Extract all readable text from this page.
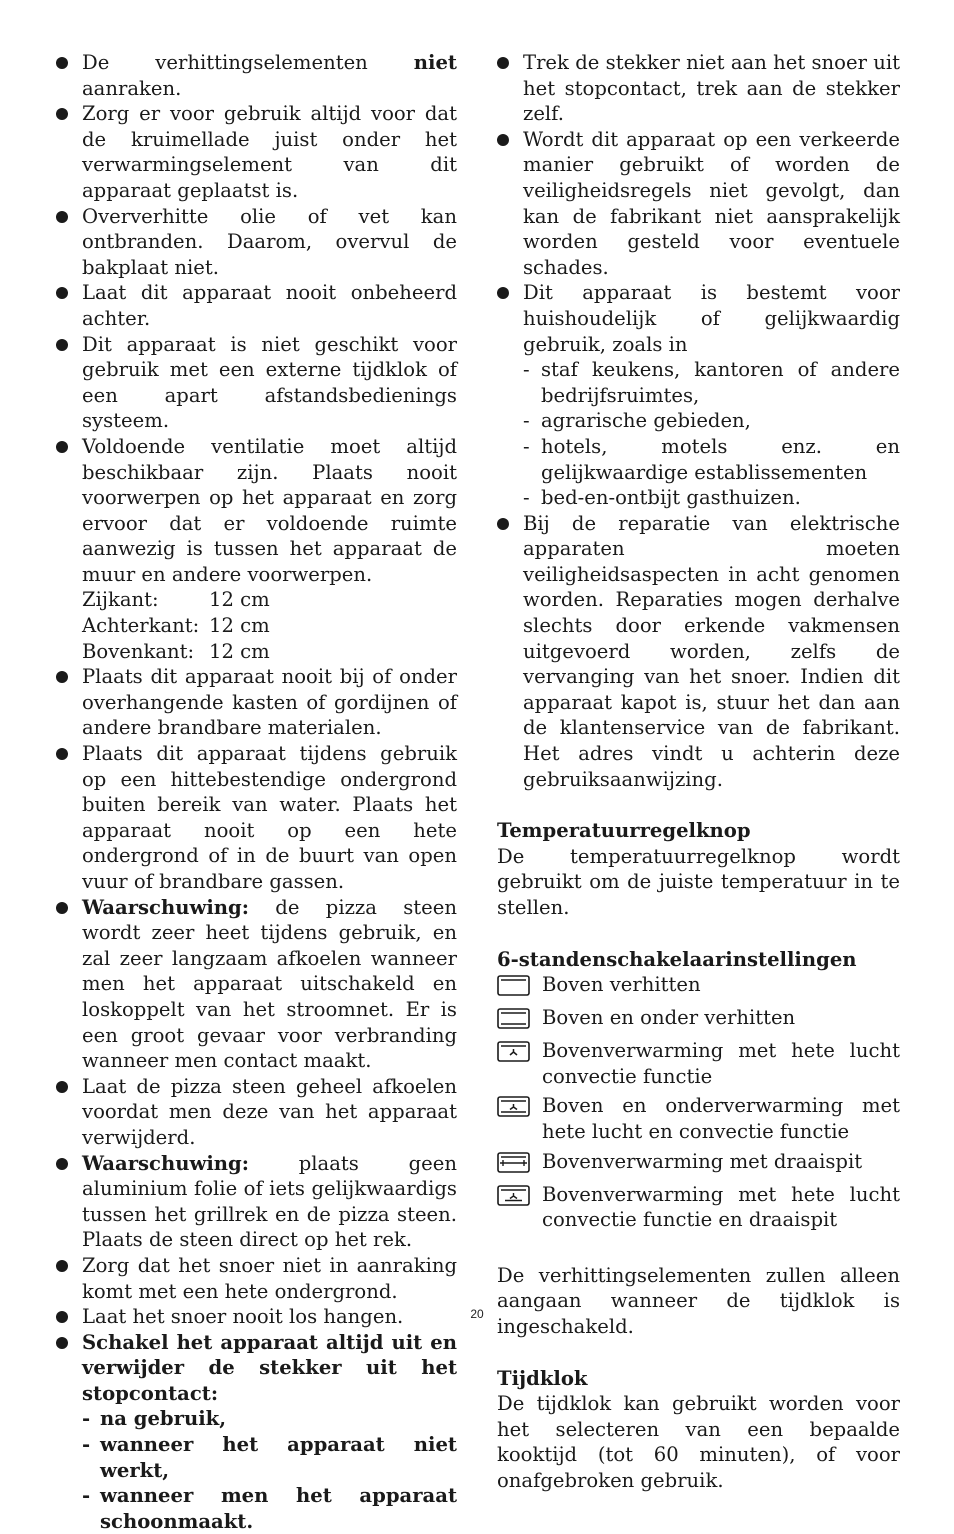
De verhittingselementen niet aanraken.
Zorg er voor gebruik altijd voor dat de kruimellade juist onder het verwarmingselement van dit apparaat geplaatst is.
Oververhitte olie of vet kan ontbranden. Daarom, overvul de bakplaat niet.
Laat dit apparaat nooit onbeheerd achter.
Dit apparaat is niet geschikt voor gebruik met een externe tijdklok of een apart afstandsbedienings systeem.
Voldoende ventilatie moet altijd beschikbaar zijn. Plaats nooit voorwerpen op het apparaat en zorg ervoor dat er voldoende ruimte aanwezig is tussen het apparaat de muur en andere voorwerpen.
Zijkant:	12 cm
Achterkant: 12 cm
Bovenkant: 12 cm
Plaats dit apparaat nooit bij of onder overhangende kasten of gordijnen of andere brandbare materialen.
Plaats dit apparaat tijdens gebruik op een hittebestendige ondergrond buiten bereik van water. Plaats het apparaat nooit op een hete ondergrond of in de buurt van open vuur of brandbare gassen.
Waarschuwing: de pizza steen wordt zeer heet tijdens gebruik, en zal zeer langzaam afkoelen wanneer men het apparaat uitschakeld en loskoppelt van het stroomnet. Er is een groot gevaar voor verbranding wanneer men contact maakt.
Laat de pizza steen geheel afkoelen voordat men deze van het apparaat verwijderd.
Waarschuwing: plaats geen aluminium folie of iets gelijkwaardigs tussen het grillrek en de pizza steen. Plaats de steen direct op het rek.
Zorg dat het snoer niet in aanraking komt met een hete ondergrond.
Laat het snoer nooit los hangen.
Schakel het apparaat altijd uit en verwijder de stekker uit het stopcontact:
- na gebruik,
- wanneer het apparaat niet werkt,
- wanneer men het apparaat schoonmaakt.
Trek de stekker niet aan het snoer uit het stopcontact, trek aan de stekker zelf.
Wordt dit apparaat op een verkeerde manier gebruikt of worden de veiligheidsregels niet gevolgt, dan kan de fabrikant niet aansprakelijk worden gesteld voor eventuele schades.
Dit apparaat is bestemt voor huishoudelijk of gelijkwaardig gebruik, zoals in
- staf keukens, kantoren of andere bedrijfsruimtes,
- agrarische gebieden,
- hotels, motels enz. en gelijkwaardige establissementen
- bed-en-ontbijt gasthuizen.
Bij de reparatie van elektrische apparaten moeten veiligheidsaspecten in acht genomen worden. Reparaties mogen derhalve slechts door erkende vakmensen uitgevoerd worden, zelfs de vervanging van het snoer. Indien dit apparaat kapot is, stuur het dan aan de klantenservice van de fabrikant. Het adres vindt u achterin deze gebruiksaanwijzing.
Temperatuurregelknop
De temperatuurregelknop wordt gebruikt om de juiste temperatuur in te stellen.
6-standenschakelaarinstellingen
Boven verhitten
Boven en onder verhitten
Bovenverwarming met hete lucht convectie functie
Boven en onderverwarming met hete lucht en convectie functie
Bovenverwarming met draaispit
Bovenverwarming met hete lucht convectie functie en draaispit
De verhittingselementen zullen alleen aangaan wanneer de tijdklok is ingeschakeld.
Tijdklok
De tijdklok kan gebruikt worden voor het selecteren van een bepaalde kooktijd (tot 60 minuten), of voor onafgebroken gebruik.
20
